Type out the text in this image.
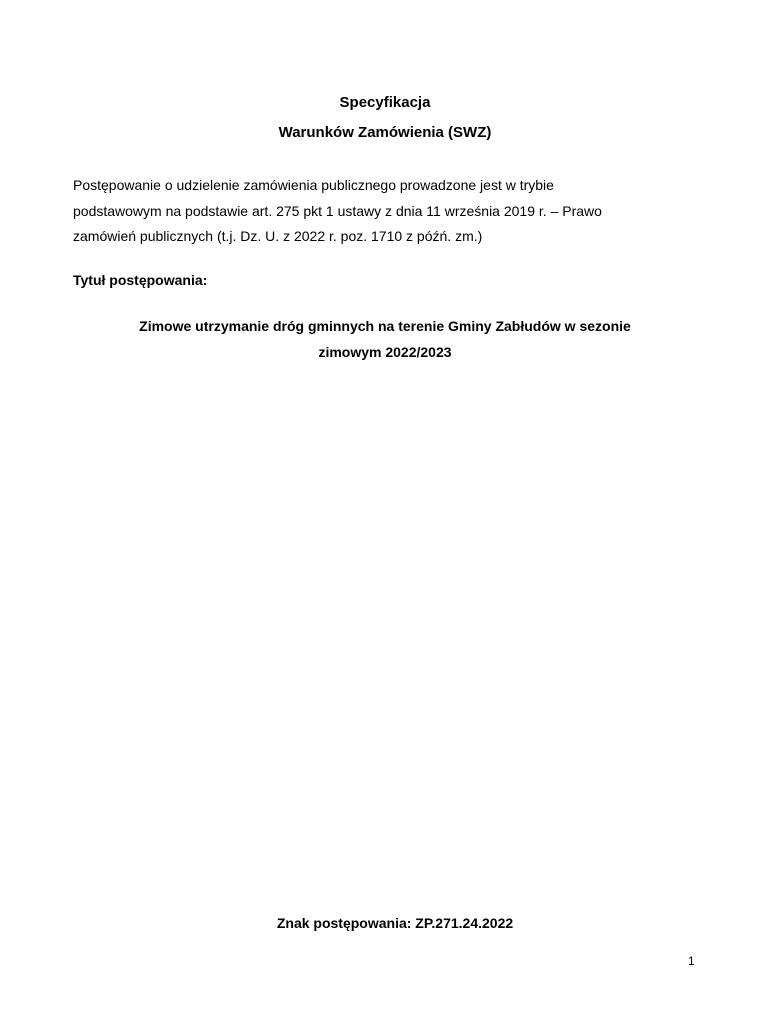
Specyfikacja
Warunków Zamówienia (SWZ)
Postępowanie o udzielenie zamówienia publicznego prowadzone jest w trybie
podstawowym na podstawie art. 275 pkt 1 ustawy z dnia 11 września 2019 r. – Prawo
zamówień publicznych (t.j. Dz. U. z 2022 r. poz. 1710 z późń. zm.)
Tytuł postępowania:
Zimowe utrzymanie dróg gminnych na terenie Gminy Zabłudów w sezonie
zimowym 2022/2023
Znak postępowania: ZP.271.24.2022
1
